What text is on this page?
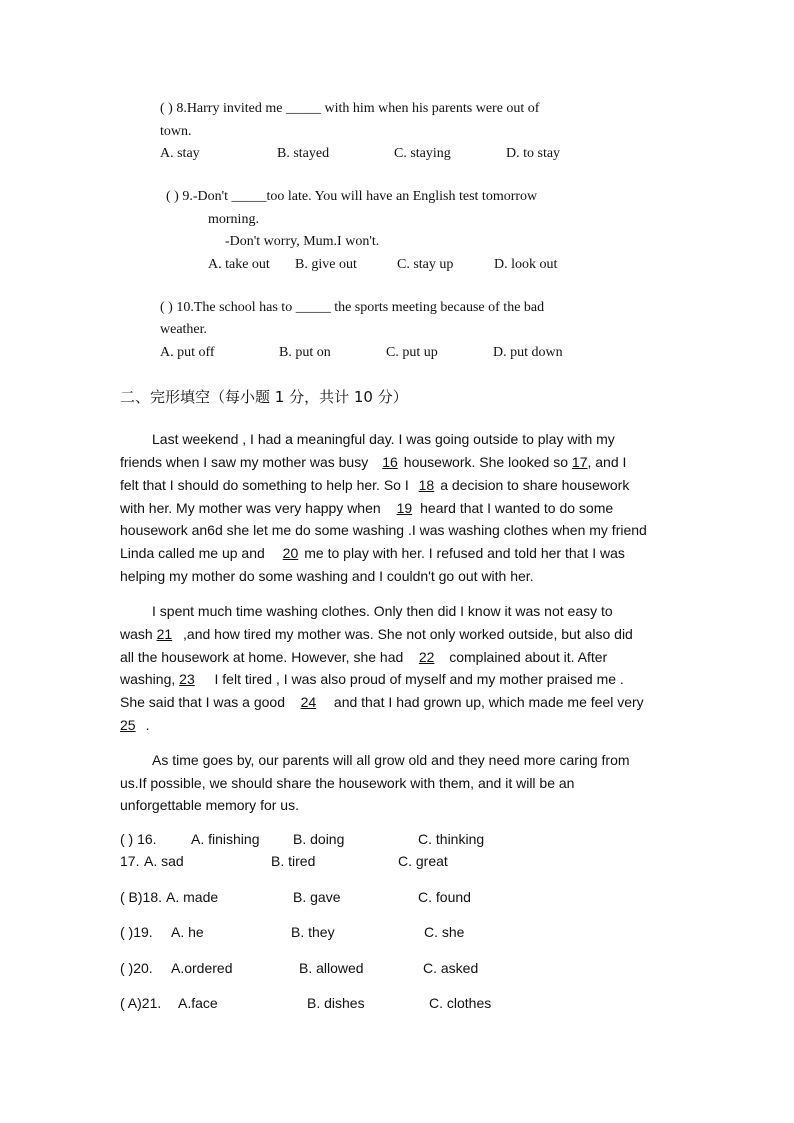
( ) 8.Harry invited me _____ with him when his parents were out of
town.
A. stay	B. stayed	C. staying	D. to stay
( ) 9.-Don't _____too late. You will have an English test tomorrow
morning.
-Don't worry, Mum.I won't.
A. take out B. give out	C. stay up	D. look out
( ) 10.The school has to _____ the sports meeting because of the bad
weather.
A. put off	B. put on	C. put up	D. put down
二、完形填空（每小题 1 分，共计 10 分）
Last weekend , I had a meaningful day. I was going outside to play with my
friends when I saw my mother was busy 16 housework. She looked so 17, and I
felt that I should do something to help her. So I 18 a decision to share housework
with her. My mother was very happy when 19 heard that I wanted to do some
housework an6d she let me do some washing .I was washing clothes when my friend
Linda called me up and 20 me to play with her. I refused and told her that I was
helping my mother do some washing and I couldn't go out with her.
I spent much time washing clothes. Only then did I know it was not easy to
wash 21 ,and how tired my mother was. She not only worked outside, but also did
all the housework at home. However, she had 22 complained about it. After
washing, 23 I felt tired , I was also proud of myself and my mother praised me .
She said that I was a good 24 and that I had grown up, which made me feel very
25 .
As time goes by, our parents will all grow old and they need more caring from
us.If possible, we should share the housework with them, and it will be an
unforgettable memory for us.
( ) 16. A. finishing B. doing	C. thinking
17. A. sad	B. tired	C. great
( B)18. A. made	B. gave	C. found
( )19. A. he	B. they	C. she
( )20. A.ordered	B. allowed	C. asked
( A)21. A.face	B. dishes	C. clothes
